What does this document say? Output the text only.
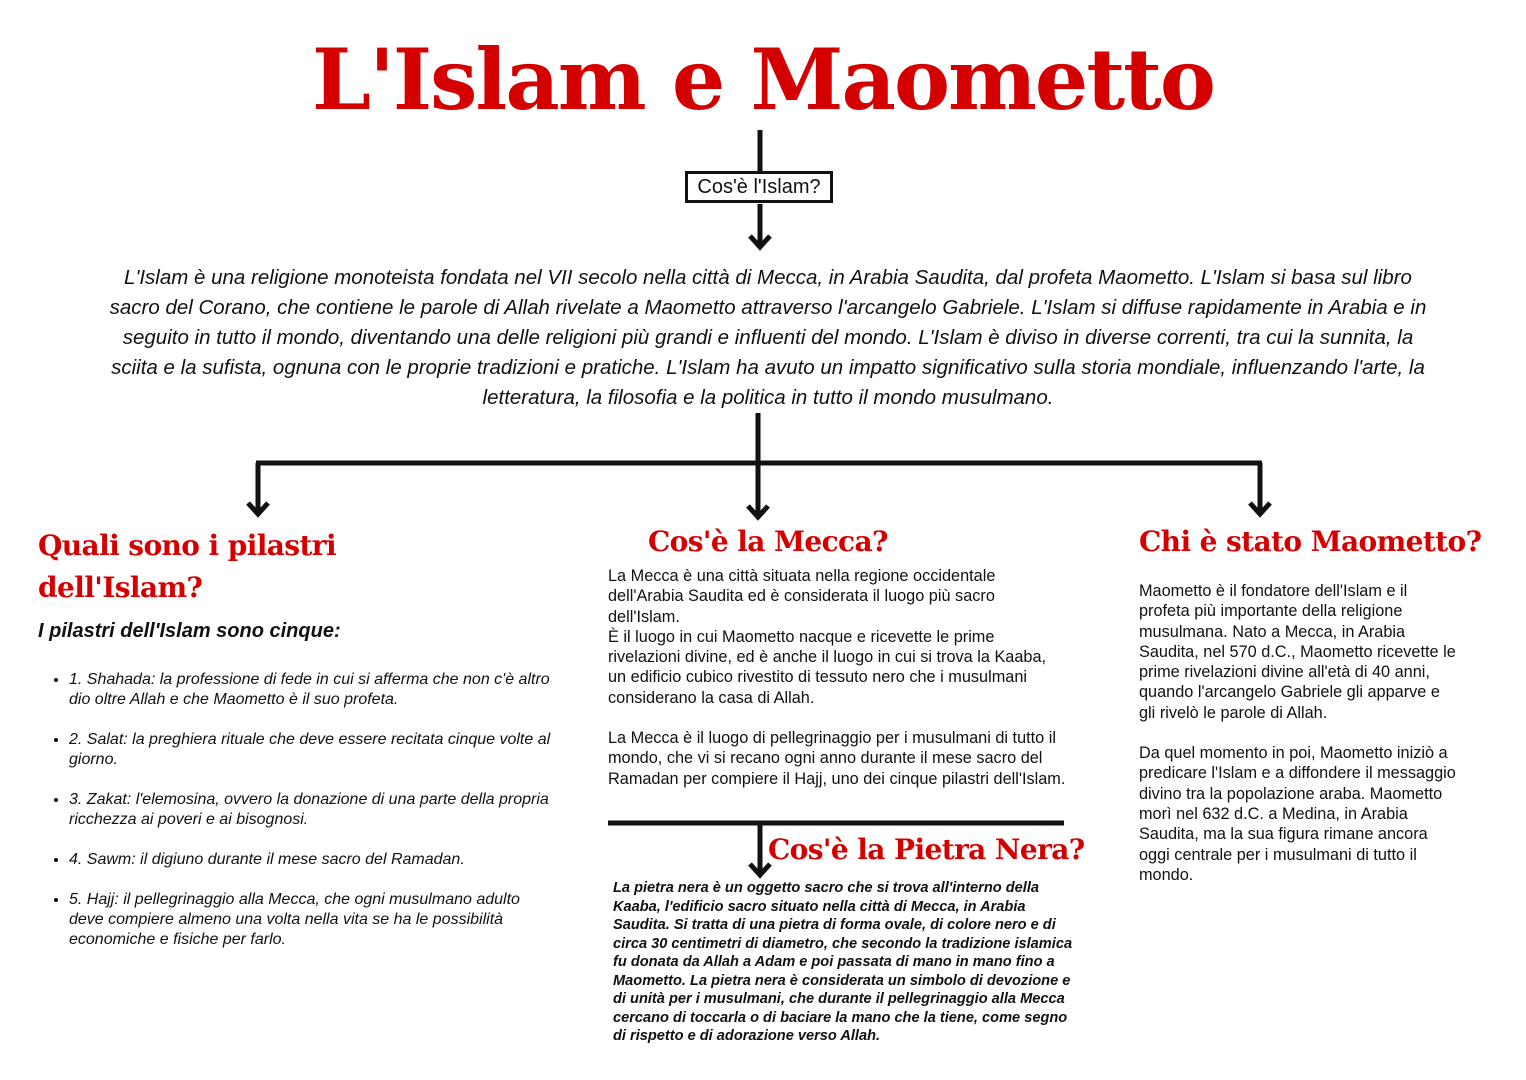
L'Islam e Maometto
Cos'è l'Islam?
L'Islam è una religione monoteista fondata nel VII secolo nella città di Mecca, in Arabia Saudita, dal profeta Maometto. L'Islam si basa sul libro sacro del Corano, che contiene le parole di Allah rivelate a Maometto attraverso l'arcangelo Gabriele. L'Islam si diffuse rapidamente in Arabia e in seguito in tutto il mondo, diventando una delle religioni più grandi e influenti del mondo. L'Islam è diviso in diverse correnti, tra cui la sunnita, la sciita e la sufista, ognuna con le proprie tradizioni e pratiche. L'Islam ha avuto un impatto significativo sulla storia mondiale, influenzando l'arte, la letteratura, la filosofia e la politica in tutto il mondo musulmano.
Quali sono i pilastri dell'Islam?
I pilastri dell'Islam sono cinque:
• 1. Shahada: la professione di fede in cui si afferma che non c'è altro dio oltre Allah e che Maometto è il suo profeta.
• 2. Salat: la preghiera rituale che deve essere recitata cinque volte al giorno.
• 3. Zakat: l'elemosina, ovvero la donazione di una parte della propria ricchezza ai poveri e ai bisognosi.
• 4. Sawm: il digiuno durante il mese sacro del Ramadan.
• 5. Hajj: il pellegrinaggio alla Mecca, che ogni musulmano adulto deve compiere almeno una volta nella vita se ha le possibilità economiche e fisiche per farlo.
Cos'è la Mecca?
La Mecca è una città situata nella regione occidentale dell'Arabia Saudita ed è considerata il luogo più sacro dell'Islam.

È il luogo in cui Maometto nacque e ricevette le prime rivelazioni divine, ed è anche il luogo in cui si trova la Kaaba, un edificio cubico rivestito di tessuto nero che i musulmani considerano la casa di Allah.

La Mecca è il luogo di pellegrinaggio per i musulmani di tutto il mondo, che vi si recano ogni anno durante il mese sacro del Ramadan per compiere il Hajj, uno dei cinque pilastri dell'Islam.

Cos'è la Pietra Nera?
La pietra nera è un oggetto sacro che si trova all'interno della Kaaba, l'edificio sacro situato nella città di Mecca, in Arabia Saudita. Si tratta di una pietra di forma ovale, di colore nero e di circa 30 centimetri di diametro, che secondo la tradizione islamica fu donata da Allah a Adam e poi passata di mano in mano fino a Maometto. La pietra nera è considerata un simbolo di devozione e di unità per i musulmani, che durante il pellegrinaggio alla Mecca cercano di toccarla o di baciare la mano che la tiene, come segno di rispetto e di adorazione verso Allah.
Chi è stato Maometto?

Maometto è il fondatore dell'Islam e il profeta più importante della religione musulmana. Nato a Mecca, in Arabia Saudita, nel 570 d.C., Maometto ricevette le prime rivelazioni divine all'età di 40 anni, quando l'arcangelo Gabriele gli apparve e gli rivelò le parole di Allah.

Da quel momento in poi, Maometto iniziò a predicare l'Islam e a diffondere il messaggio divino tra la popolazione araba. Maometto morì nel 632 d.C. a Medina, in Arabia Saudita, ma la sua figura rimane ancora oggi centrale per i musulmani di tutto il mondo.
